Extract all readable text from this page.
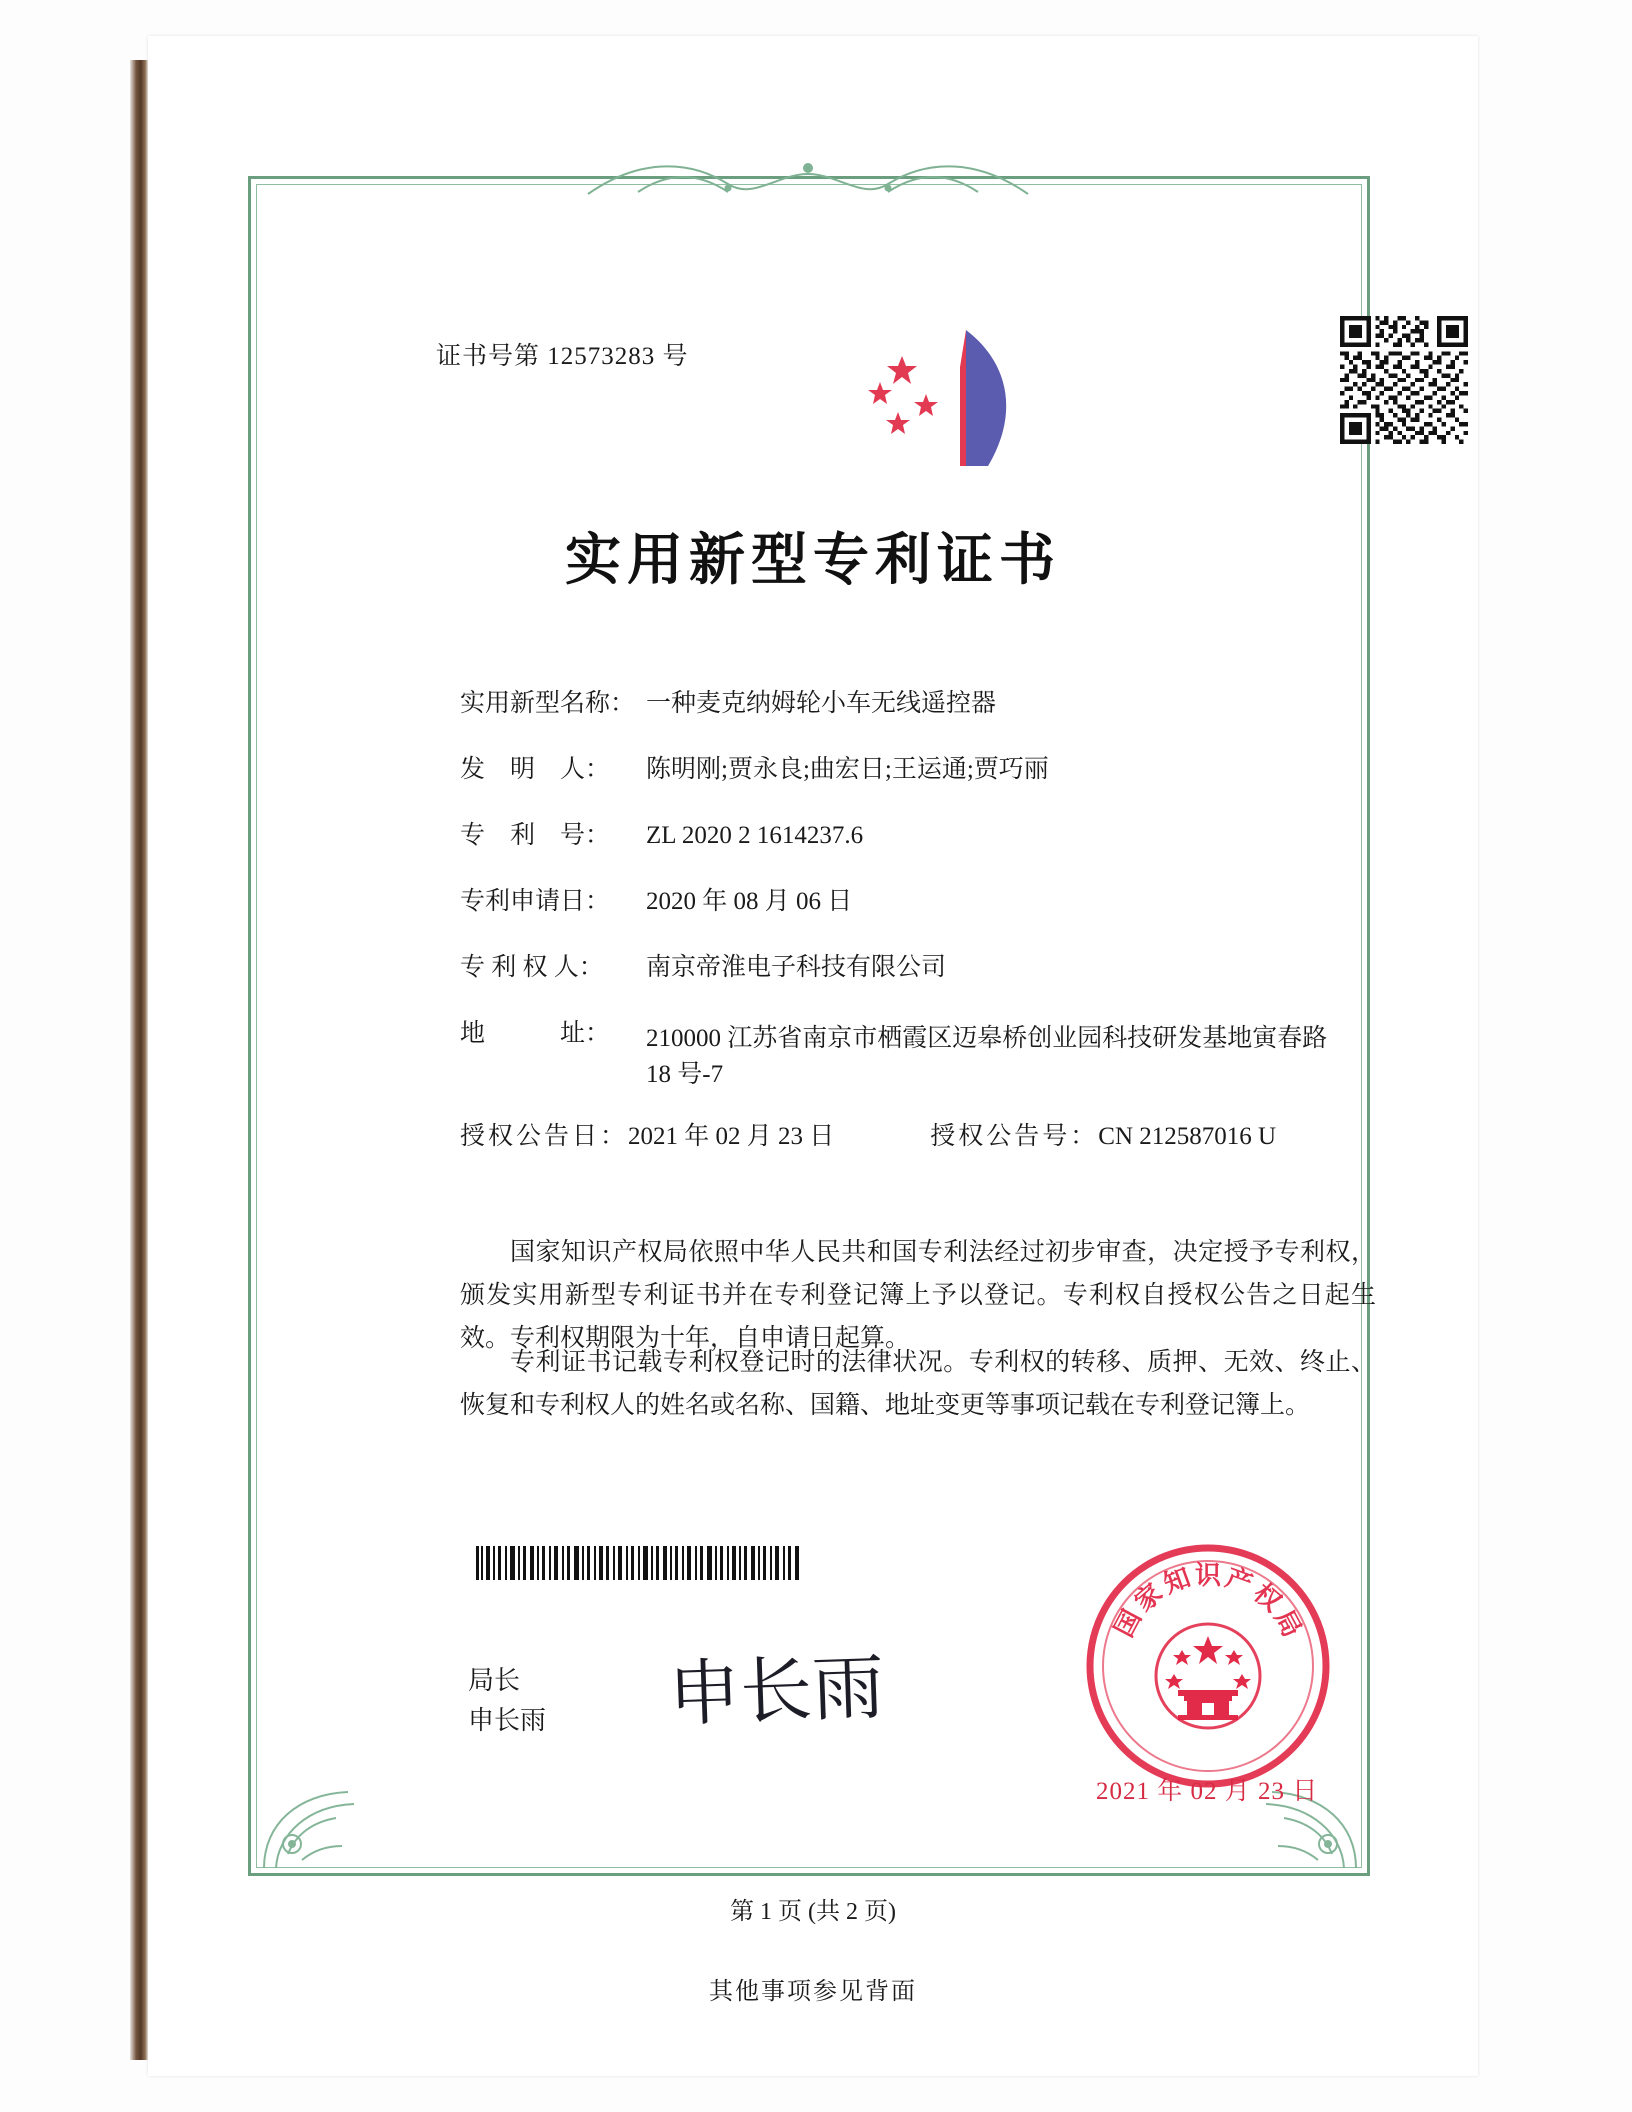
证书号第 12573283 号
实用新型专利证书
实用新型名称： 一种麦克纳姆轮小车无线遥控器
发　明　人： 陈明刚;贾永良;曲宏日;王运通;贾巧丽
专　利　号： ZL 2020 2 1614237.6
专利申请日： 2020 年 08 月 06 日
专 利 权 人： 南京帝淮电子科技有限公司
地　　　址： 210000 江苏省南京市栖霞区迈皋桥创业园科技研发基地寅春路 18 号-7
授权公告日：2021 年 02 月 23 日	授权公告号：CN 212587016 U
国家知识产权局依照中华人民共和国专利法经过初步审查，决定授予专利权，颁发实用新型专利证书并在专利登记簿上予以登记。专利权自授权公告之日起生效。专利权期限为十年，自申请日起算。
专利证书记载专利权登记时的法律状况。专利权的转移、质押、无效、终止、恢复和专利权人的姓名或名称、国籍、地址变更等事项记载在专利登记簿上。
局长
申长雨 申长雨
国
家
知 识 产
权
局
2021 年 02 月 23 日
第 1 页 (共 2 页)
其他事项参见背面
